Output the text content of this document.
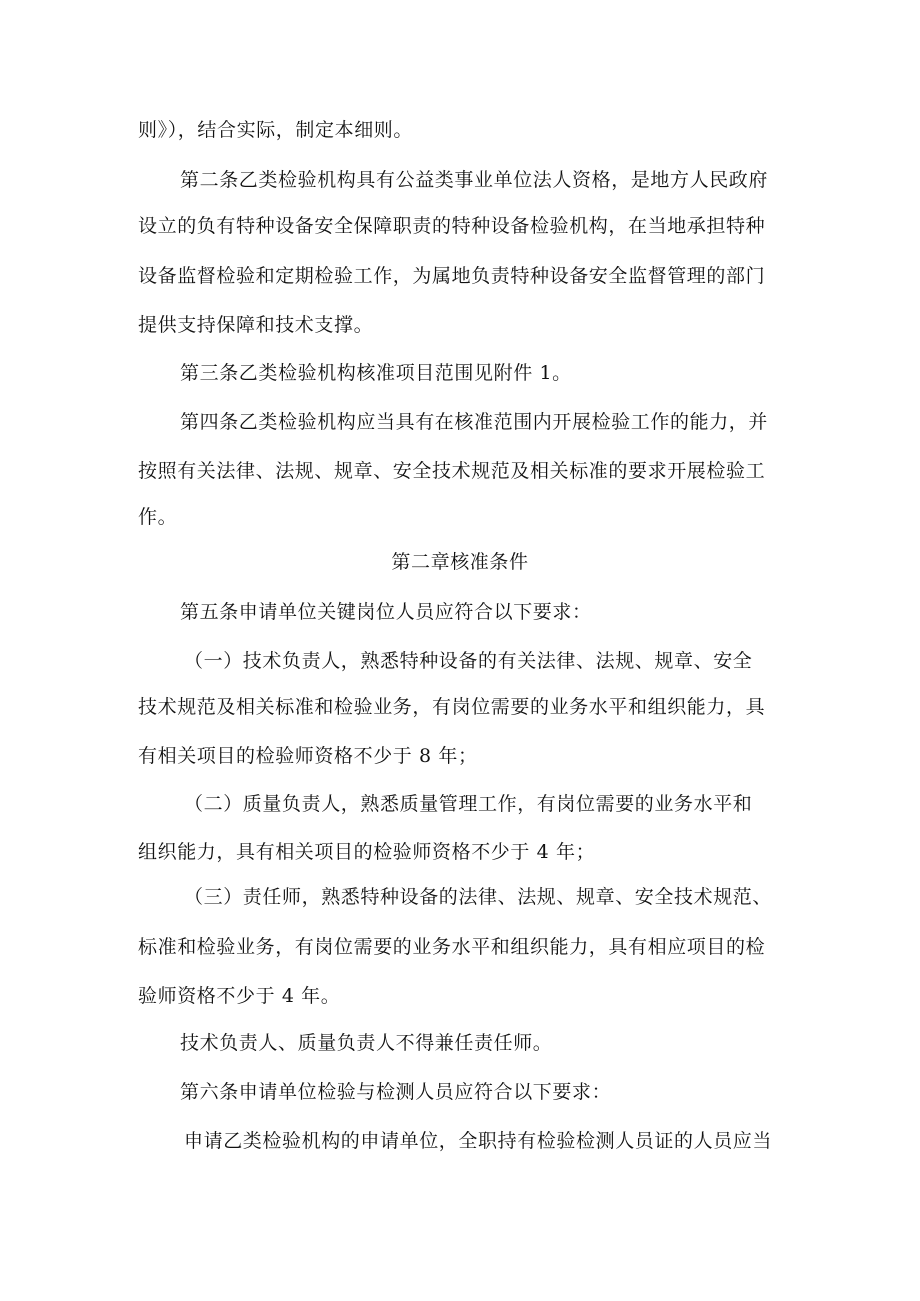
则》），结合实际，制定本细则。
第二条乙类检验机构具有公益类事业单位法人资格，是地方人民政府
设立的负有特种设备安全保障职责的特种设备检验机构，在当地承担特种
设备监督检验和定期检验工作，为属地负责特种设备安全监督管理的部门
提供支持保障和技术支撑。
第三条乙类检验机构核准项目范围见附件 1。
第四条乙类检验机构应当具有在核准范围内开展检验工作的能力，并
按照有关法律、法规、规章、安全技术规范及相关标准的要求开展检验工
作。
第二章核准条件
第五条申请单位关键岗位人员应符合以下要求：
（一）技术负责人，熟悉特种设备的有关法律、法规、规章、安全
技术规范及相关标准和检验业务，有岗位需要的业务水平和组织能力，具
有相关项目的检验师资格不少于 8 年；
（二）质量负责人，熟悉质量管理工作，有岗位需要的业务水平和
组织能力，具有相关项目的检验师资格不少于 4 年；
（三）责任师，熟悉特种设备的法律、法规、规章、安全技术规范、
标准和检验业务，有岗位需要的业务水平和组织能力，具有相应项目的检
验师资格不少于 4 年。
技术负责人、质量负责人不得兼任责任师。
第六条申请单位检验与检测人员应符合以下要求：
申请乙类检验机构的申请单位，全职持有检验检测人员证的人员应当
